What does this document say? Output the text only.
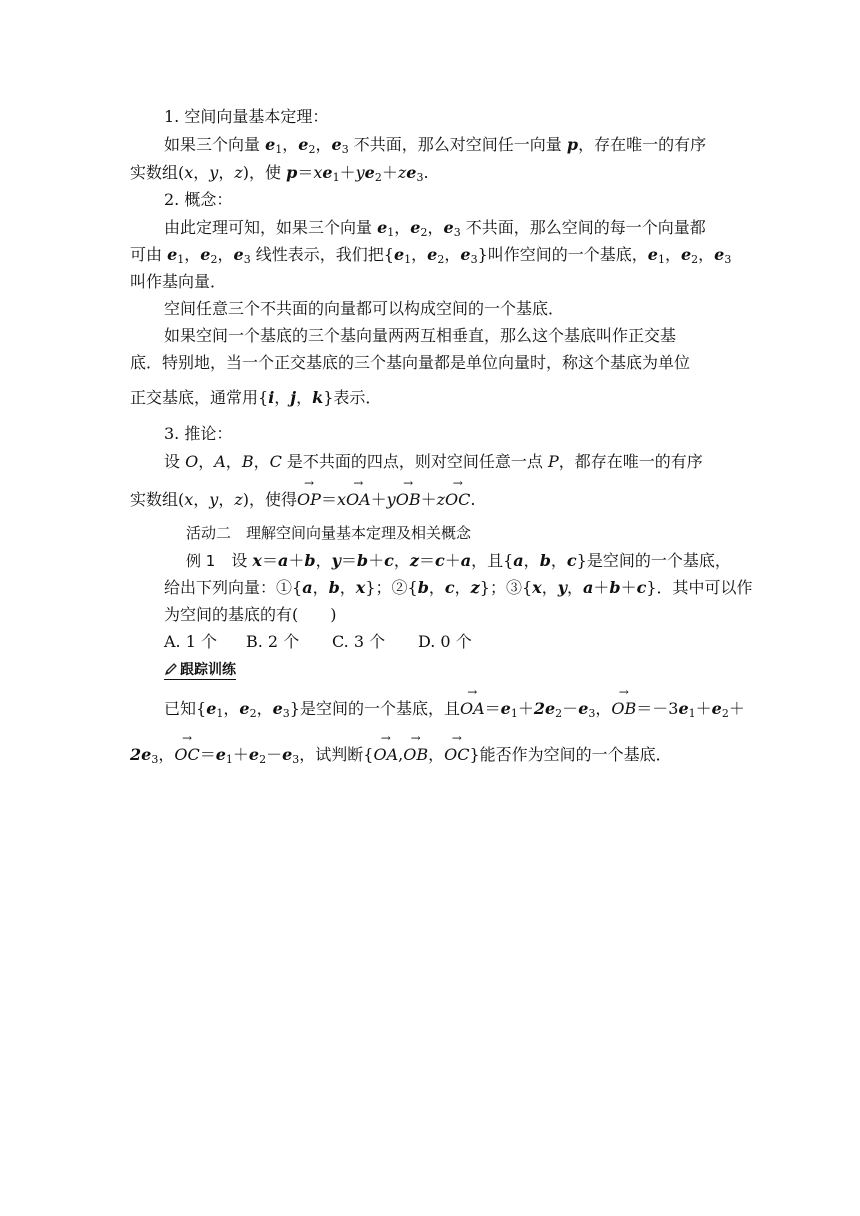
1. 空间向量基本定理：
如果三个向量 $e_1$，$e_2$，$e_3$ 不共面，那么对空间任一向量 p，存在唯一的有序
实数组(x，y，z)，使 $p=xe_1+ye_2+ze_3$.
2. 概念：
由此定理可知，如果三个向量 $e_1$，$e_2$，$e_3$ 不共面，那么空间的每一个向量都
可由 $e_1$，$e_2$，$e_3$ 线性表示，我们把{$e_1$，$e_2$，$e_3$}叫作空间的一个基底，$e_1$，$e_2$，$e_3$
叫作基向量．
空间任意三个不共面的向量都可以构成空间的一个基底．
如果空间一个基底的三个基向量两两互相垂直，那么这个基底叫作正交基
底．特别地，当一个正交基底的三个基向量都是单位向量时，称这个基底为单位
正交基底，通常用{i，j，k}表示．
3. 推论：
设 O，A，B，C 是不共面的四点，则对空间任意一点 P，都存在唯一的有序
实数组(x，y，z)，使得→ OP＝x→ OA＋y→ OB＋z→ OC.
活动二　理解空间向量基本定理及相关概念
例 1　 设 x＝a＋b，y＝b＋c，z＝c＋a，且{a，b，c}是空间的一个基底，
给出下列向量：①{a，b，x}；②{b，c，z}；③{x，y，a＋b＋c}．其中可以作
为空间的基底的有(　　)
A. 1 个 B. 2 个 C. 3 个 D. 0 个
跟踪训练
已知{$e_1$，$e_2$，$e_3$}是空间的一个基底，且→ $OA=e_1+2e_2-e_3$，→ $OB=-3e_1+e_2+$
$2e_3$，→ $OC=e_1+e_2-e_3$，试判断{→ OA,→ OB，→ OC}能否作为空间的一个基底．
